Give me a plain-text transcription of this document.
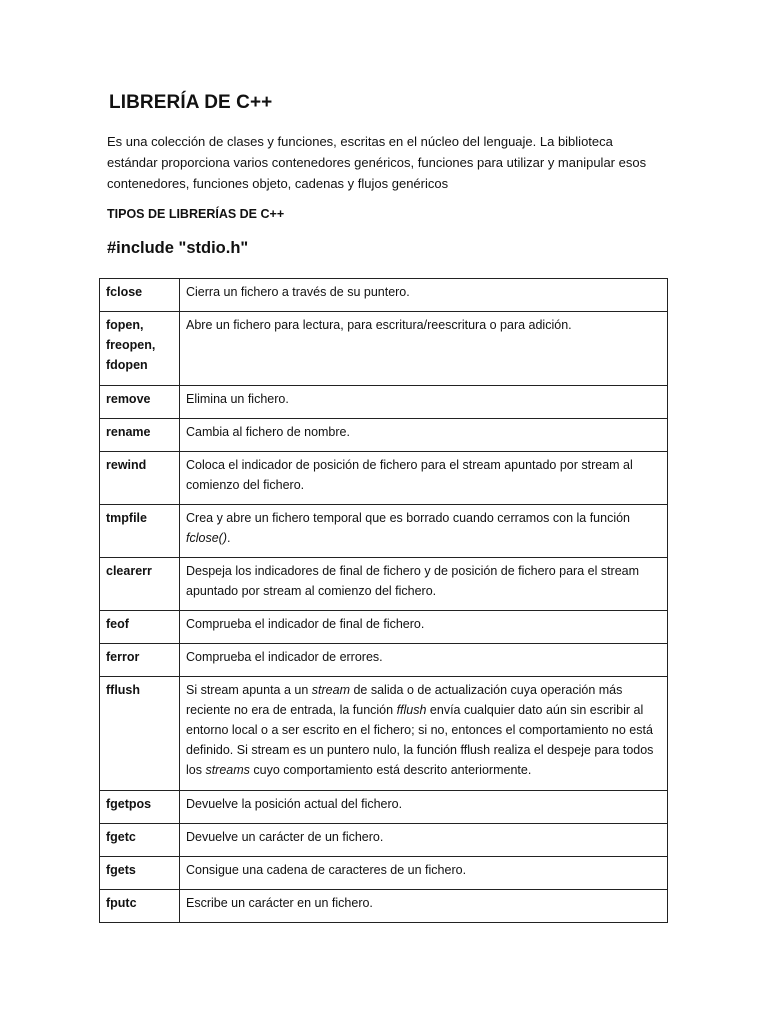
LIBRERÍA DE C++

Es una colección de clases y funciones, escritas en el núcleo del lenguaje. La biblioteca estándar proporciona varios contenedores genéricos, funciones para utilizar y manipular esos contenedores, funciones objeto, cadenas y flujos genéricos

TIPOS DE LIBRERÍAS DE C++

#include "stdio.h"
fclose	Cierra un fichero a través de su puntero.
fopen,
freopen,
fdopen	Abre un fichero para lectura, para escritura/reescritura o para adición.
remove	Elimina un fichero.
rename	Cambia al fichero de nombre.
rewind	Coloca el indicador de posición de fichero para el stream apuntado por stream al comienzo del fichero.
tmpfile	Crea y abre un fichero temporal que es borrado cuando cerramos con la función fclose().
clearerr	Despeja los indicadores de final de fichero y de posición de fichero para el stream apuntado por stream al comienzo del fichero.
feof	Comprueba el indicador de final de fichero.
ferror	Comprueba el indicador de errores.
fflush	Si stream apunta a un stream de salida o de actualización cuya operación más reciente no era de entrada, la función fflush envía cualquier dato aún sin escribir al entorno local o a ser escrito en el fichero; si no, entonces el comportamiento no está definido. Si stream es un puntero nulo, la función fflush realiza el despeje para todos los streams cuyo comportamiento está descrito anteriormente.
fgetpos	Devuelve la posición actual del fichero.
fgetc	Devuelve un carácter de un fichero.
fgets	Consigue una cadena de caracteres de un fichero.
fputc	Escribe un carácter en un fichero.
